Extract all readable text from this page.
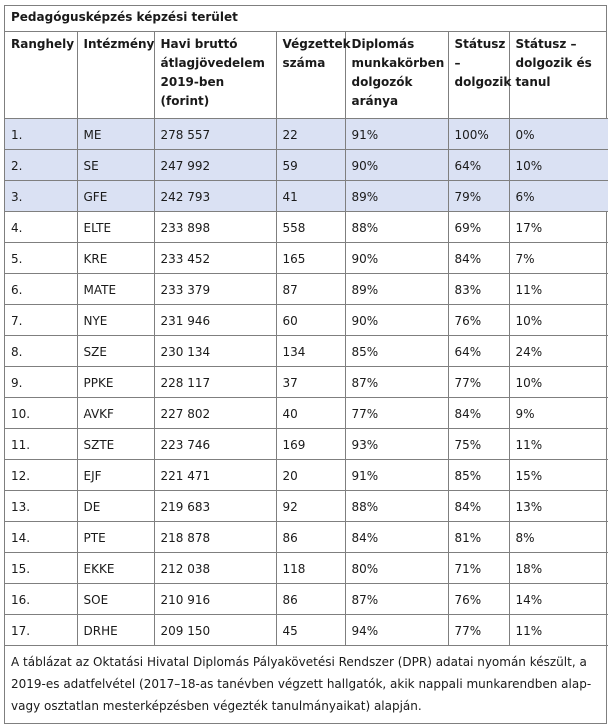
Pedagógusképzés képzési terület
Ranghely	Intézmény	Havi bruttó átlagjövedelem 2019-ben (forint)	Végzettek száma	Diplomás munkakörben dolgozók aránya	Státusz – dolgozik	Státusz – dolgozik és tanul
1.	ME	278 557	22	91%	100%	0%
2.	SE	247 992	59	90%	64%	10%
3.	GFE	242 793	41	89%	79%	6%
4.	ELTE	233 898	558	88%	69%	17%
5.	KRE	233 452	165	90%	84%	7%
6.	MATE	233 379	87	89%	83%	11%
7.	NYE	231 946	60	90%	76%	10%
8.	SZE	230 134	134	85%	64%	24%
9.	PPKE	228 117	37	87%	77%	10%
10.	AVKF	227 802	40	77%	84%	9%
11.	SZTE	223 746	169	93%	75%	11%
12.	EJF	221 471	20	91%	85%	15%
13.	DE	219 683	92	88%	84%	13%
14.	PTE	218 878	86	84%	81%	8%
15.	EKKE	212 038	118	80%	71%	18%
16.	SOE	210 916	86	87%	76%	14%
17.	DRHE	209 150	45	94%	77%	11%
A táblázat az Oktatási Hivatal Diplomás Pályakövetési Rendszer (DPR) adatai nyomán készült, a 2019-es adatfelvétel (2017–18-as tanévben végzett hallgatók, akik nappali munkarendben alap- vagy osztatlan mesterképzésben végezték tanulmányaikat) alapján.
